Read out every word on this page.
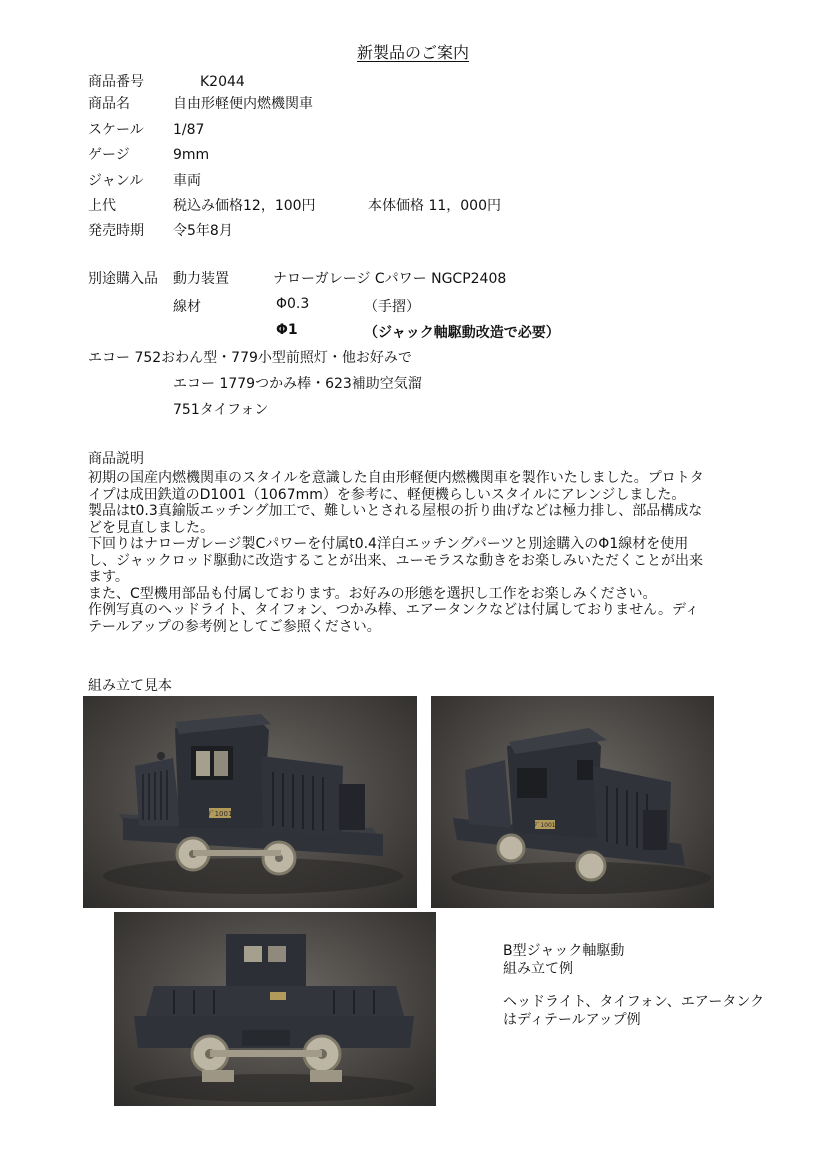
新製品のご案内
商品番号	K2044
商品名	自由形軽便内燃機関車
スケール 1/87
ゲージ	9mm
ジャンル 車両
上代	税込み価格12，100円	本体価格 11，000円
発売時期 令5年8月
別途購入品 動力装置	ナローガレージ Cパワー NGCP2408
線材	Φ0.3	（手摺）
Φ1	（ジャック軸駆動改造で必要）
エコー 752おわん型・779小型前照灯・他お好みで
エコー 1779つかみ棒・623補助空気溜
751タイフォン
商品説明

初期の国産内燃機関車のスタイルを意識した自由形軽便内燃機関車を製作いたしました。プロトタイプは成田鉄道のD1001（1067mm）を参考に、軽便機らしいスタイルにアレンジしました。

製品はt0.3真鍮版エッチング加工で、難しいとされる屋根の折り曲げなどは極力排し、部品構成などを見直しました。

下回りはナローガレージ製Cパワーを付属t0.4洋白エッチングパーツと別途購入のΦ1線材を使用し、ジャックロッド駆動に改造することが出来、ユーモラスな動きをお楽しみいただくことが出来ます。

また、C型機用部品も付属しております。お好みの形態を選択し工作をお楽しみください。

作例写真のヘッドライト、タイフォン、つかみ棒、エアータンクなどは付属しておりません。ディテールアップの参考例としてご参照ください。

組み立て見本
ﾃﾞ1001
ﾃﾞ1001
B型ジャック軸駆動
組み立て例
ヘッドライト、タイフォン、エアータンク
はディテールアップ例
